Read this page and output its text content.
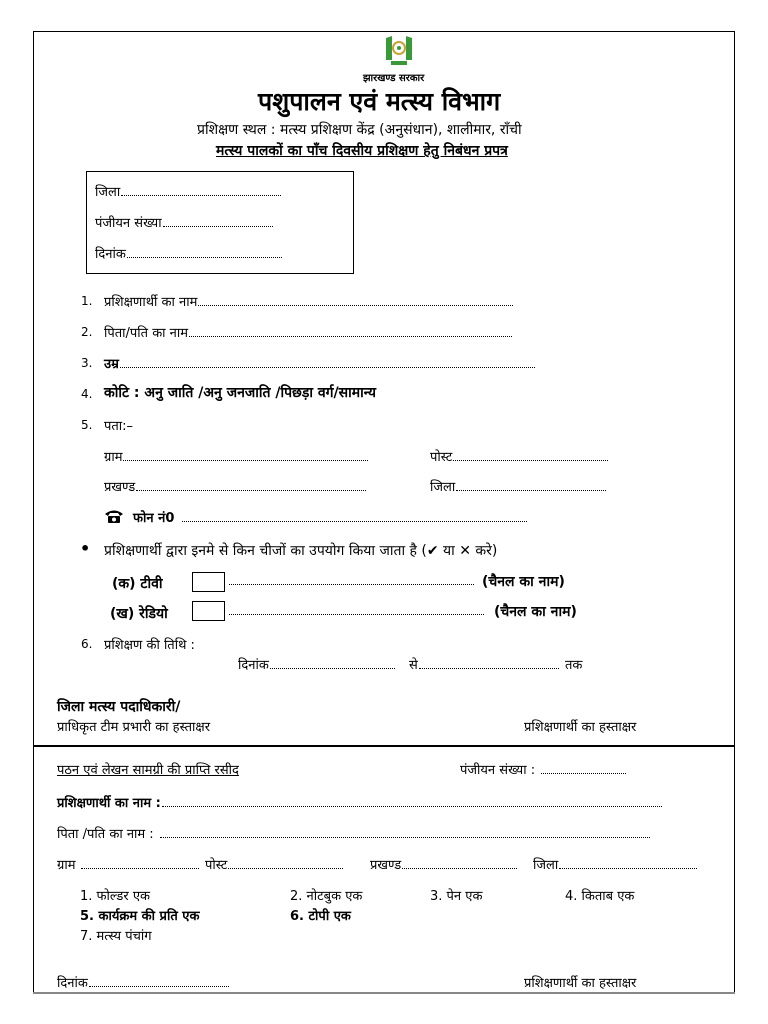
झारखण्ड सरकार
पशुपालन एवं मत्स्य विभाग
प्रशिक्षण स्थल : मत्स्य प्रशिक्षण केंद्र (अनुसंधान), शालीमार, राँची
मत्स्य पालकों का पाँच दिवसीय प्रशिक्षण हेतु निबंधन प्रपत्र
जिला
पंजीयन संख्या
दिनांक
1. प्रशिक्षणार्थी का नाम
2. पिता/पति का नाम
3. उम्र
4. कोटि : अनु जाति /अनु जनजाति /पिछड़ा वर्ग/सामान्य
5. पता:–
ग्राम	पोस्ट
प्रखण्ड	जिला
फोन नं0
• प्रशिक्षणार्थी द्वारा इनमे से किन चीजों का उपयोग किया जाता है (✔ या ✕ करे)
(क) टीवी	(चैनल का नाम)
(ख) रेडियो	(चैनल का नाम)
6. प्रशिक्षण की तिथि :
दिनांक	से	तक
जिला मत्स्य पदाधिकारी/
प्राधिकृत टीम प्रभारी का हस्ताक्षर	प्रशिक्षणार्थी का हस्ताक्षर
पठन एवं लेखन सामग्री की प्राप्ति रसीद	पंजीयन संख्या :
प्रशिक्षणार्थी का नाम :
पिता /पति का नाम :
ग्राम	पोस्ट	प्रखण्ड	जिला
1. फोल्डर एक	2. नोटबुक एक	3. पेन एक	4. किताब एक
5. कार्यक्रम की प्रति एक	6. टोपी एक
7. मत्स्य पंचांग
दिनांक	प्रशिक्षणार्थी का हस्ताक्षर
